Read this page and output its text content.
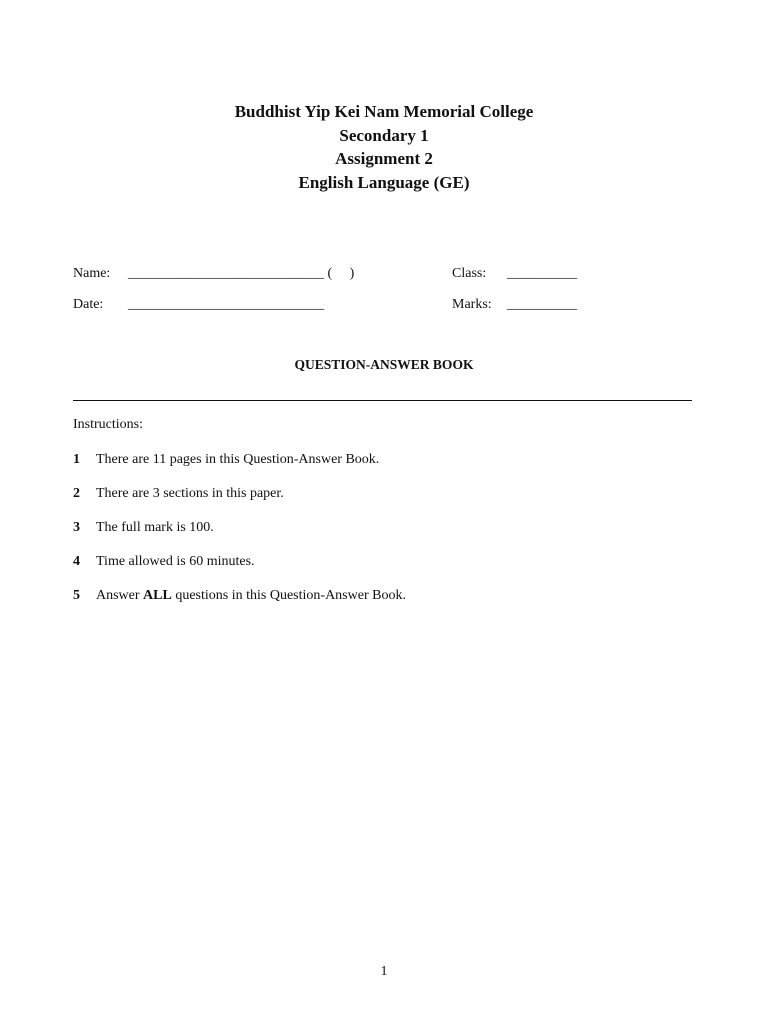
Buddhist Yip Kei Nam Memorial College
Secondary 1
Assignment 2
English Language (GE)
Name: ____________________________ (     )	Class: __________
Date: ____________________________	Marks: __________
QUESTION-ANSWER BOOK
Instructions:
1 There are 11 pages in this Question-Answer Book.
2 There are 3 sections in this paper.
3 The full mark is 100.
4 Time allowed is 60 minutes.
5 Answer ALL questions in this Question-Answer Book.
1
